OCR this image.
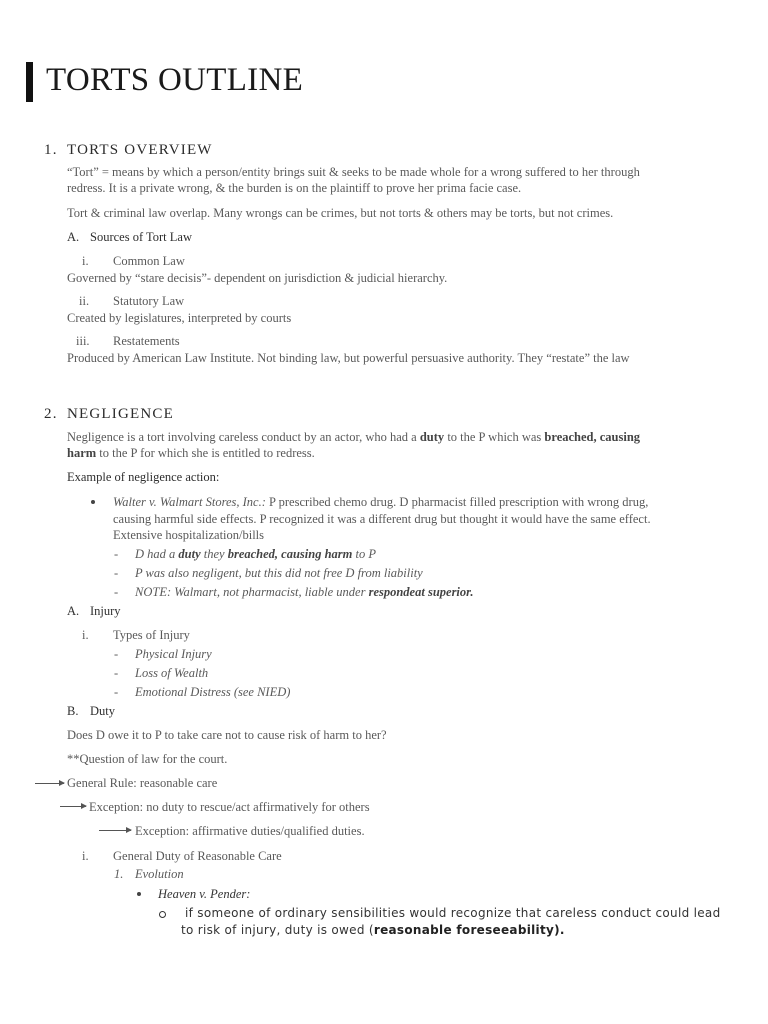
TORTS OUTLINE
1. TORTS OVERVIEW
“Tort” = means by which a person/entity brings suit & seeks to be made whole for a wrong suffered to her through
redress. It is a private wrong, & the burden is on the plaintiff to prove her prima facie case.
Tort & criminal law overlap. Many wrongs can be crimes, but not torts & others may be torts, but not crimes.
A. Sources of Tort Law
i. Common Law
Governed by “stare decisis”- dependent on jurisdiction & judicial hierarchy.
ii. Statutory Law
Created by legislatures, interpreted by courts
iii. Restatements
Produced by American Law Institute. Not binding law, but powerful persuasive authority. They “restate” the law
2. NEGLIGENCE
Negligence is a tort involving careless conduct by an actor, who had a duty to the P which was breached, causing
harm to the P for which she is entitled to redress.
Example of negligence action:
Walter v. Walmart Stores, Inc.: P prescribed chemo drug. D pharmacist filled prescription with wrong drug,
causing harmful side effects. P recognized it was a different drug but thought it would have the same effect.
Extensive hospitalization/bills
- D had a duty they breached, causing harm to P
- P was also negligent, but this did not free D from liability
- NOTE: Walmart, not pharmacist, liable under respondeat superior.
A. Injury
i. Types of Injury
- Physical Injury
- Loss of Wealth
- Emotional Distress (see NIED)
B. Duty
Does D owe it to P to take care not to cause risk of harm to her?
**Question of law for the court.
General Rule: reasonable care
Exception: no duty to rescue/act affirmatively for others
Exception: affirmative duties/qualified duties.
i. General Duty of Reasonable Care
1. Evolution
Heaven v. Pender:
if someone of ordinary sensibilities would recognize that careless conduct could lead
to risk of injury, duty is owed (reasonable foreseeability).
